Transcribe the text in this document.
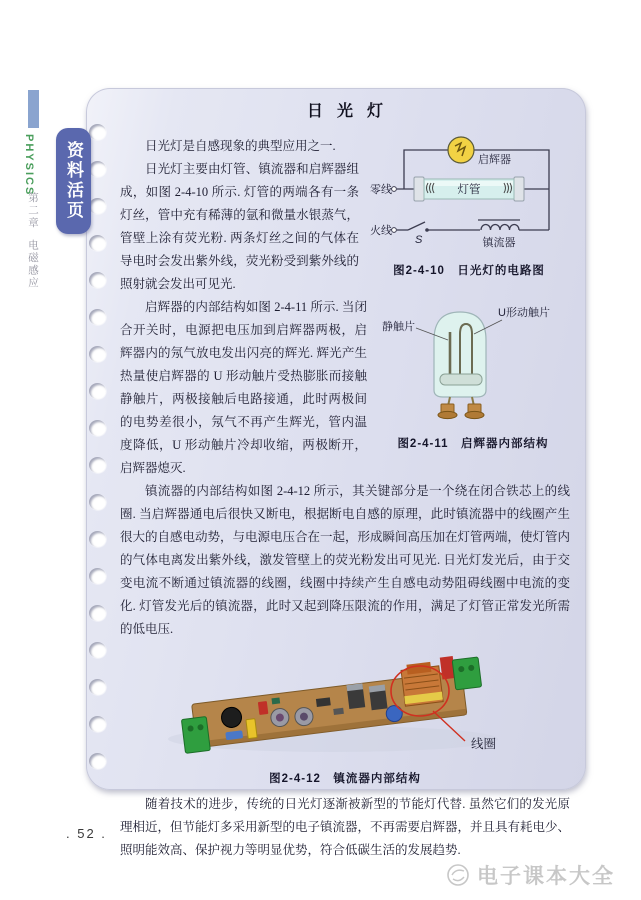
PHYSICS
第二章电磁感应
资料活页
日光灯
零线
火线
S
灯管
启辉器
镇流器
图2-4-10　日光灯的电路图

日光灯是自感现象的典型应用之一.

日光灯主要由灯管、镇流器和启辉器组成，如图 2-4-10 所示. 灯管的两端各有一条灯丝，管中充有稀薄的氩和微量水银蒸气，管壁上涂有荧光粉. 两条灯丝之间的气体在导电时会发出紫外线，荧光粉受到紫外线的照射就会发出可见光.

静触片
U形动触片
图2-4-11　启辉器内部结构

启辉器的内部结构如图 2-4-11 所示. 当闭合开关时，电源把电压加到启辉器两极，启辉器内的氖气放电发出闪亮的辉光. 辉光产生热量使启辉器的 U 形动触片受热膨胀而接触静触片，两极接触后电路接通，此时两极间的电势差很小，氖气不再产生辉光，管内温度降低，U 形动触片冷却收缩，两极断开，启辉器熄灭.

镇流器的内部结构如图 2-4-12 所示，其关键部分是一个绕在闭合铁芯上的线圈. 当启辉器通电后很快又断电，根据断电自感的原理，此时镇流器中的线圈产生很大的自感电动势，与电源电压合在一起，形成瞬间高压加在灯管两端，使灯管内的气体电离发出紫外线，激发管壁上的荧光粉发出可见光. 日光灯发光后，由于交变电流不断通过镇流器的线圈，线圈中持续产生自感电动势阻碍线圈中电流的变化. 灯管发光后的镇流器，此时又起到降压限流的作用，满足了灯管正常发光所需的低电压.

线圈
图2-4-12　镇流器内部结构

随着技术的进步，传统的日光灯逐渐被新型的节能灯代替. 虽然它们的发光原理相近，但节能灯多采用新型的电子镇流器，不再需要启辉器，并且具有耗电少、照明能效高、保护视力等明显优势，符合低碳生活的发展趋势.

. 52 .
电子课本大全
